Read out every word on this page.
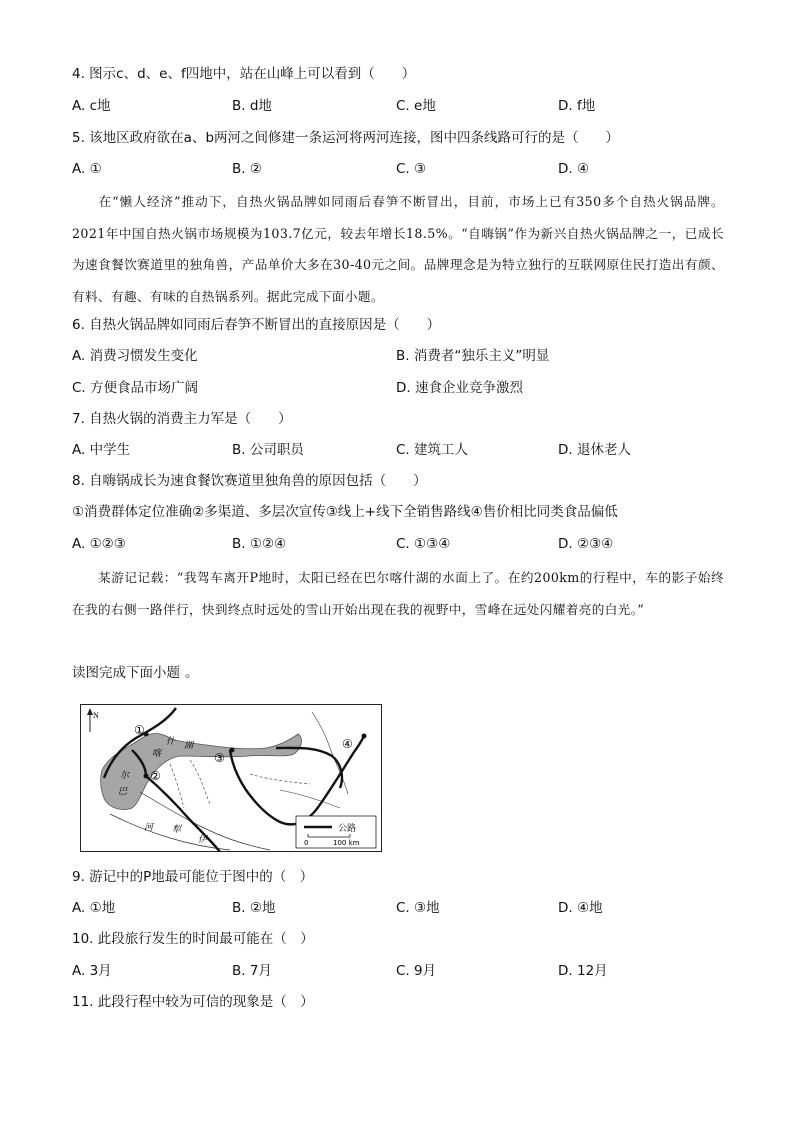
4. 图示c、d、e、f四地中，站在山峰上可以看到（　　）
A. c地	B. d地	C. e地	D. f地
5. 该地区政府欲在a、b两河之间修建一条运河将两河连接，图中四条线路可行的是（　　）
A. ①	B. ②	C. ③	D. ④
在“懒人经济”推动下，自热火锅品牌如同雨后春笋不断冒出，目前，市场上已有350多个自热火锅品牌。2021年中国自热火锅市场规模为103.7亿元，较去年增长18.5%。“自嗨锅”作为新兴自热火锅品牌之一，已成长为速食餐饮赛道里的独角兽，产品单价大多在30-40元之间。品牌理念是为特立独行的互联网原住民打造出有颜、有料、有趣、有味的自热锅系列。据此完成下面小题。
6. 自热火锅品牌如同雨后春笋不断冒出的直接原因是（　　）
A. 消费习惯发生变化	B. 消费者“独乐主义”明显
C. 方便食品市场广阔	D. 速食企业竞争激烈
7. 自热火锅的消费主力军是（　　）
A. 中学生	B. 公司职员	C. 建筑工人	D. 退休老人
8. 自嗨锅成长为速食餐饮赛道里独角兽的原因包括（　　）
①消费群体定位准确②多渠道、多层次宣传③线上+线下全销售路线④售价相比同类食品偏低
A. ①②③	B. ①②④	C. ①③④	D. ②③④
某游记记载：“我驾车离开P地时，太阳已经在巴尔喀什湖的水面上了。在约200km的行程中，车的影子始终在我的右侧一路伴行，快到终点时远处的雪山开始出现在我的视野中，雪峰在远处闪耀着亮的白光。”
读图完成下面小题 。
N
①
②
③
④
巴
尔
喀
什 湖
河 犁
伊
公路
0	100 km
9. 游记中的P地最可能位于图中的（　）
A. ①地	B. ②地	C. ③地	D. ④地
10. 此段旅行发生的时间最可能在（　）
A. 3月	B. 7月	C. 9月	D. 12月
11. 此段行程中较为可信的现象是（　）
